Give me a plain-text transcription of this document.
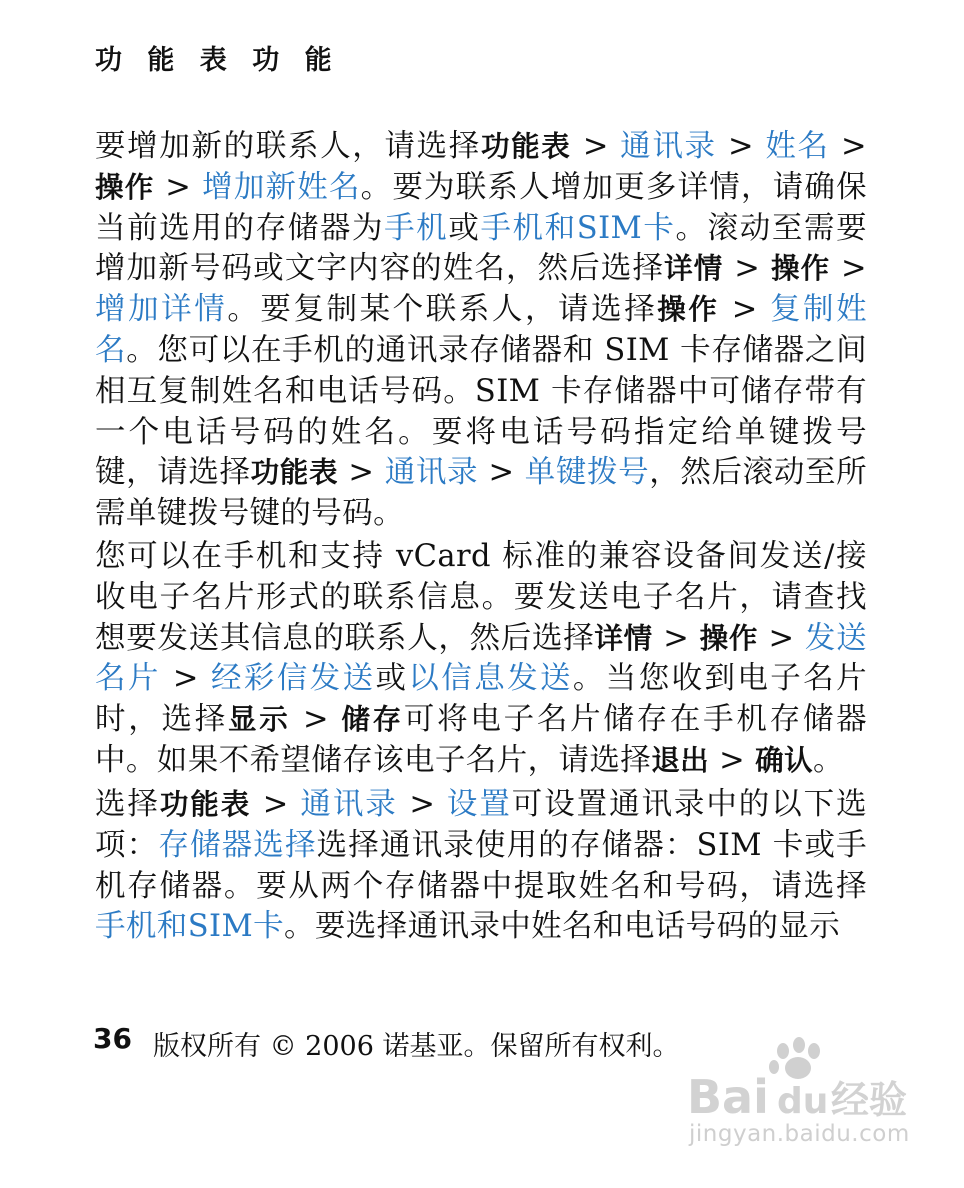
功 能 表 功 能

要增加新的联系人，请选择功能表 > 通讯录 > 姓名 > 操作 > 增加新姓名。要为联系人增加更多详情，请确保当前选用的存储器为手机或手机和SIM卡。滚动至需要增加新号码或文字内容的姓名，然后选择详情 > 操作 > 增加详情。要复制某个联系人，请选择操作 > 复制姓名。您可以在手机的通讯录存储器和 SIM 卡存储器之间相互复制姓名和电话号码。SIM 卡存储器中可储存带有一个电话号码的姓名。要将电话号码指定给单键拨号键，请选择功能表 > 通讯录 > 单键拨号，然后滚动至所需单键拨号键的号码。

您可以在手机和支持 vCard 标准的兼容设备间发送/接收电子名片形式的联系信息。要发送电子名片，请查找想要发送其信息的联系人，然后选择详情 > 操作 > 发送名片 > 经彩信发送或以信息发送。当您收到电子名片时，选择显示 > 储存可将电子名片储存在手机存储器中。如果不希望储存该电子名片，请选择退出 > 确认。

选择功能表 > 通讯录 > 设置可设置通讯录中的以下选项：存储器选择选择通讯录使用的存储器：SIM 卡或手机存储器。要从两个存储器中提取姓名和号码，请选择手机和SIM卡。要选择通讯录中姓名和电话号码的显示

36 版权所有 © 2006 诺基亚。保留所有权利。
Bai du 经验
jingyan.baidu.com
